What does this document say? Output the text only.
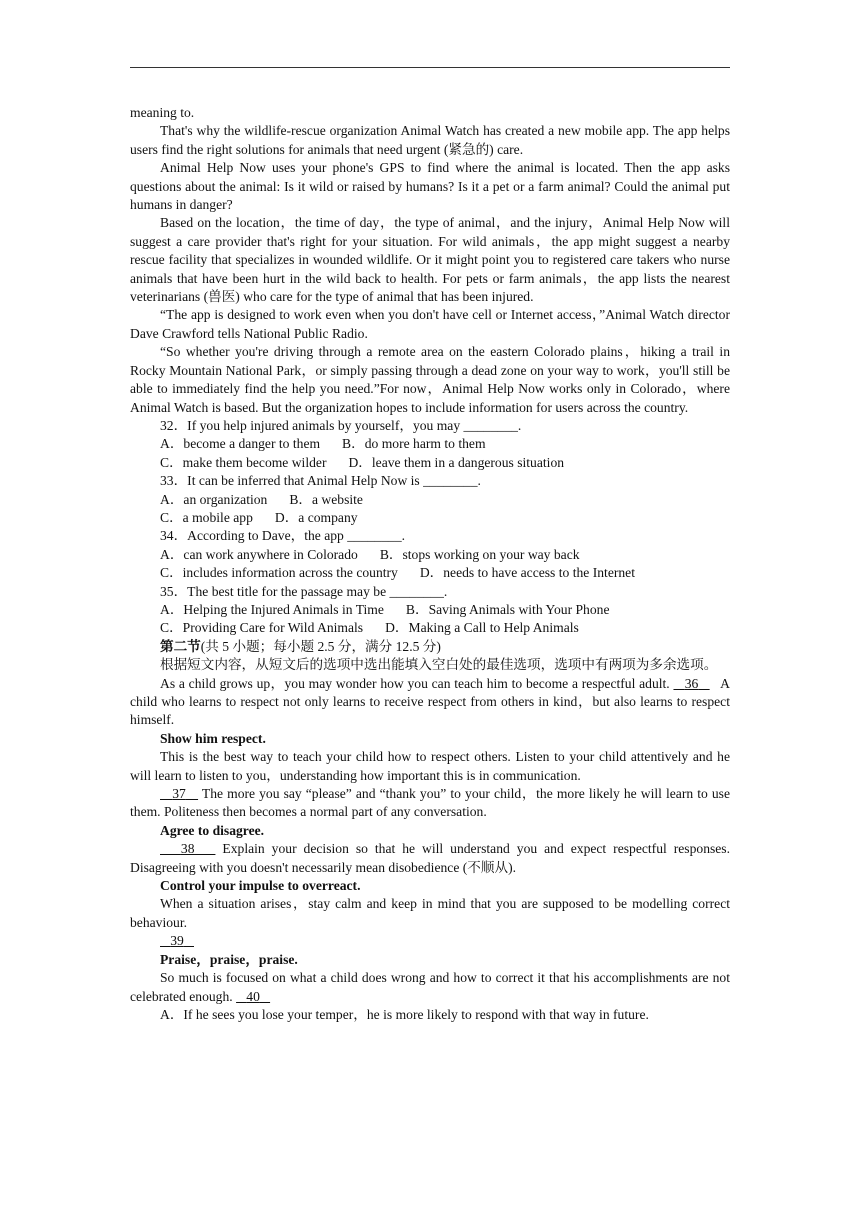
meaning to.

That's why the wildlife-rescue organization Animal Watch has created a new mobile app. The app helps users find the right solutions for animals that need urgent (紧急的) care.

Animal Help Now uses your phone's GPS to find where the animal is located. Then the app asks questions about the animal: Is it wild or raised by humans? Is it a pet or a farm animal? Could the animal put humans in danger?

Based on the location，the time of day，the type of animal，and the injury，Animal Help Now will suggest a care provider that's right for your situation. For wild animals，the app might suggest a nearby rescue facility that specializes in wounded wildlife. Or it might point you to registered care takers who nurse animals that have been hurt in the wild back to health. For pets or farm animals，the app lists the nearest veterinarians (兽医) who care for the type of animal that has been injured.

“The app is designed to work even when you don't have cell or Internet access，”Animal Watch director Dave Crawford tells National Public Radio.

“So whether you're driving through a remote area on the eastern Colorado plains，hiking a trail in Rocky Mountain National Park，or simply passing through a dead zone on your way to work，you'll still be able to immediately find the help you need.”For now，Animal Help Now works only in Colorado，where Animal Watch is based. But the organization hopes to include information for users across the country.

32．If you help injured animals by yourself，you may ________.

A．become a danger to them B．do more harm to them

C．make them become wilder D．leave them in a dangerous situation

33．It can be inferred that Animal Help Now is ________.

A．an organization B．a website

C．a mobile app D．a company

34．According to Dave，the app ________.

A．can work anywhere in Colorado B．stops working on your way back

C．includes information across the country D．needs to have access to the Internet

35．The best title for the passage may be ________.

A．Helping the Injured Animals in Time B．Saving Animals with Your Phone

C．Providing Care for Wild Animals D．Making a Call to Help Animals

第二节(共 5 小题；每小题 2.5 分，满分 12.5 分)

根据短文内容，从短文后的选项中选出能填入空白处的最佳选项，选项中有两项为多余选项。

As a child grows up，you may wonder how you can teach him to become a respectful adult. 36 A child who learns to respect not only learns to receive respect from others in kind，but also learns to respect himself.

Show him respect.

This is the best way to teach your child how to respect others. Listen to your child attentively and he will learn to listen to you，understanding how important this is in communication.

37 The more you say “please” and “thank you” to your child，the more likely he will learn to use them. Politeness then becomes a normal part of any conversation.

Agree to disagree.

38 Explain your decision so that he will understand you and expect respectful responses. Disagreeing with you doesn't necessarily mean disobedience (不顺从).

Control your impulse to overreact.

When a situation arises，stay calm and keep in mind that you are supposed to be modelling correct behaviour.

39

Praise，praise，praise.

So much is focused on what a child does wrong and how to correct it that his accomplishments are not celebrated enough. 40

A．If he sees you lose your temper，he is more likely to respond with that way in future.
